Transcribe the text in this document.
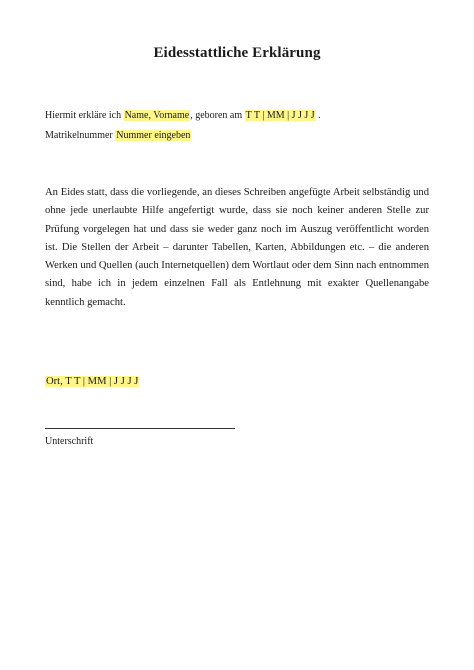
Eidesstattliche Erklärung
Hiermit erkläre ich Name, Vorname, geboren am T T | MM | J J J J .
Matrikelnummer Nummer eingeben
An Eides statt, dass die vorliegende, an dieses Schreiben angefügte Arbeit selbständig und ohne jede unerlaubte Hilfe angefertigt wurde, dass sie noch keiner anderen Stelle zur Prüfung vorgelegen hat und dass sie weder ganz noch im Auszug veröffentlicht worden ist. Die Stellen der Arbeit – darunter Tabellen, Karten, Abbildungen etc. – die anderen Werken und Quellen (auch Internetquellen) dem Wortlaut oder dem Sinn nach entnommen sind, habe ich in jedem einzelnen Fall als Entlehnung mit exakter Quellenangabe kenntlich gemacht.
Ort, T T | MM | J J J J
Unterschrift
